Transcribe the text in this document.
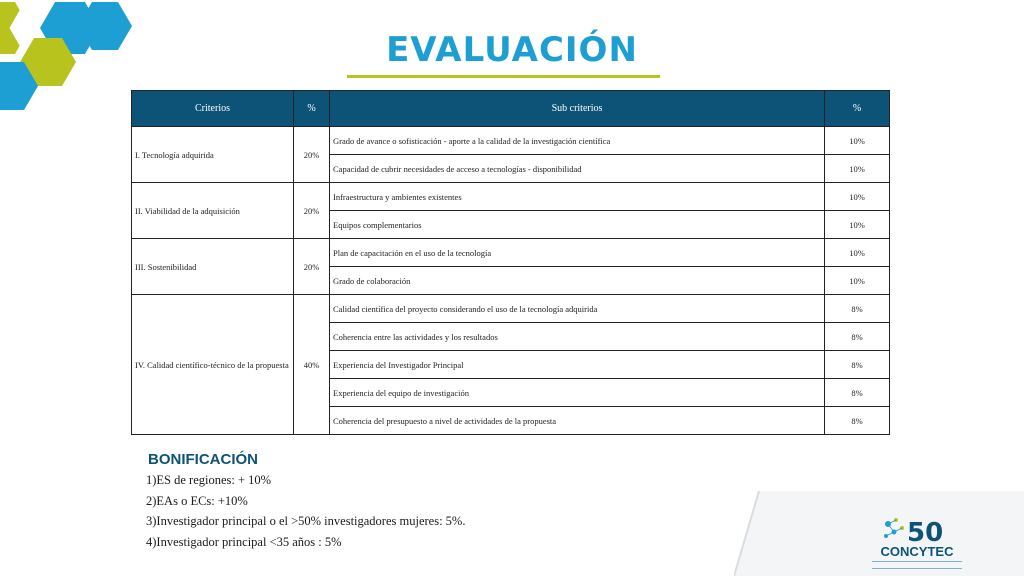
EVALUACIÓN
Criterios	%	Sub criterios	%
I. Tecnología adquirida	20%	Grado de avance o sofisticación - aporte a la calidad de la investigación científica	10%
		Capacidad de cubrir necesidades de acceso a tecnologías - disponibilidad	10%
II. Viabilidad de la adquisición	20%	Infraestructura y ambientes existentes	10%
		Equipos complementarios	10%
III. Sostenibilidad	20%	Plan de capacitación en el uso de la tecnología	10%
		Grado de colaboración	10%
IV. Calidad científico-técnico de la propuesta	40%	Calidad científica del proyecto considerando el uso de la tecnología adquirida	8%
		Coherencia entre las actividades y los resultados	8%
		Experiencia del Investigador Principal	8%
		Experiencia del equipo de investigación	8%
		Coherencia del presupuesto a nivel de actividades de la propuesta	8%
BONIFICACIÓN
1)ES de regiones: + 10%
2)EAs o ECs: +10%
3)Investigador principal o el >50% investigadores mujeres: 5%.
4)Investigador principal <35 años : 5%	50
CONCYTEC
